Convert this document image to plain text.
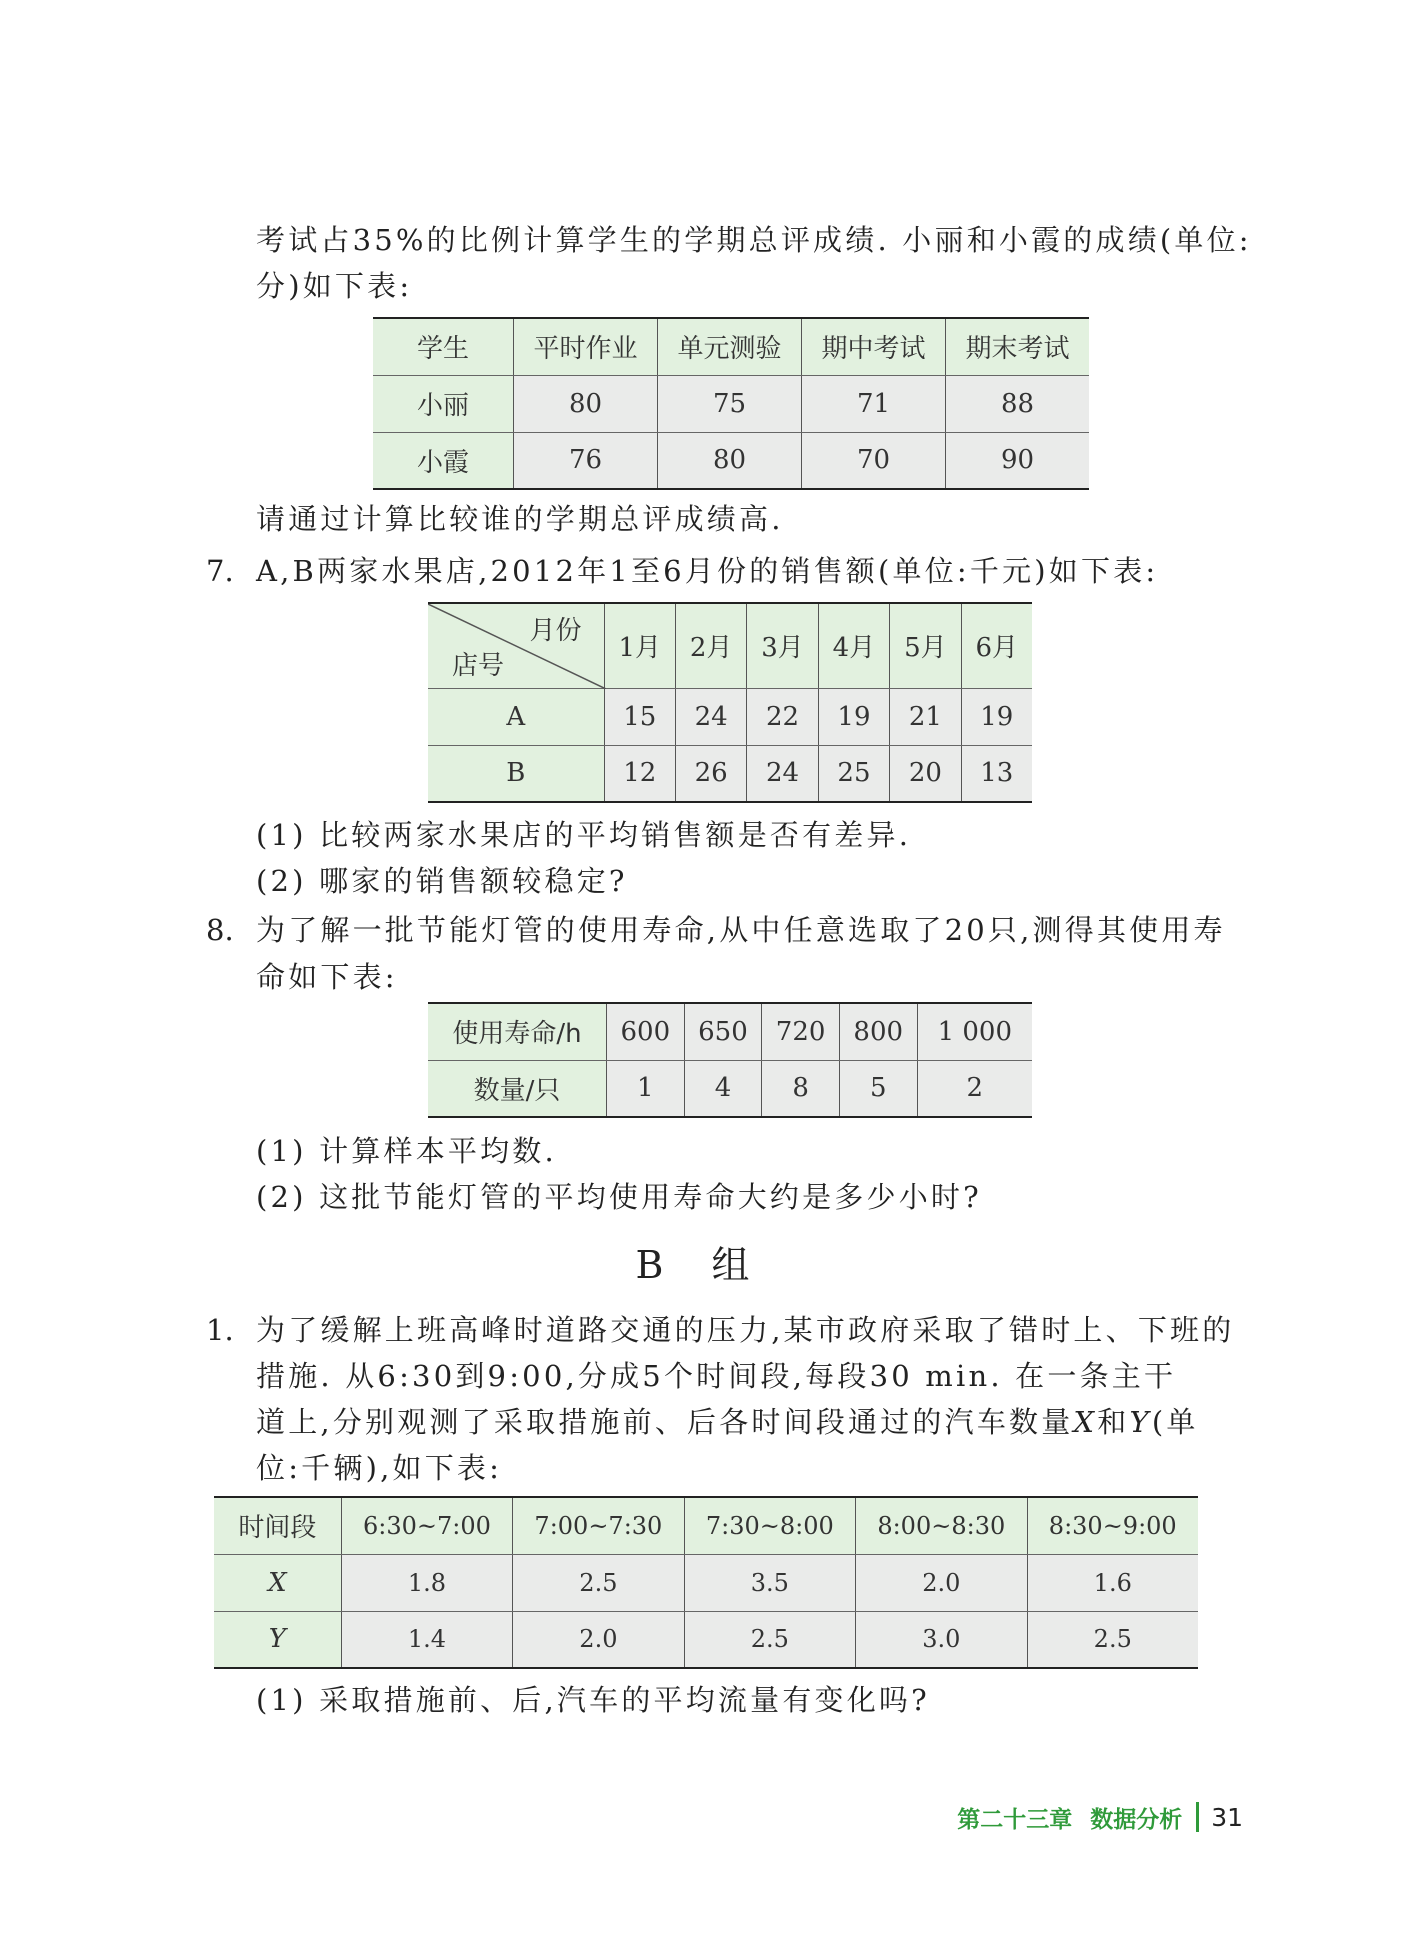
考试占35%的比例计算学生的学期总评成绩. 小丽和小霞的成绩(单位:
分)如下表:
学生	平时作业	单元测验	期中考试	期末考试
小丽	80	75	71	88
小霞	76	80	70	90
请通过计算比较谁的学期总评成绩高.
7. A,B两家水果店,2012年1至6月份的销售额(单位:千元)如下表:
月份
店号	1月	2月	3月	4月	5月	6月
A	15	24	22	19	21	19
B	12	26	24	25	20	13
(1) 比较两家水果店的平均销售额是否有差异.
(2) 哪家的销售额较稳定?
8. 为了解一批节能灯管的使用寿命,从中任意选取了20只,测得其使用寿
命如下表:
使用寿命/h	600	650	720	800	1 000
数量/只	1	4	8	5	2
(1) 计算样本平均数.
(2) 这批节能灯管的平均使用寿命大约是多少小时?
B 组
1. 为了缓解上班高峰时道路交通的压力,某市政府采取了错时上、下班的
措施. 从6:30到9:00,分成5个时间段,每段30 min. 在一条主干
道上,分别观测了采取措施前、后各时间段通过的汽车数量X和Y(单
位:千辆),如下表:
时间段	6:30~7:00	7:00~7:30	7:30~8:00	8:00~8:30	8:30~9:00
X	1.8	2.5	3.5	2.0	1.6
Y	1.4	2.0	2.5	3.0	2.5
(1) 采取措施前、后,汽车的平均流量有变化吗?
第二十三章 数据分析 31
